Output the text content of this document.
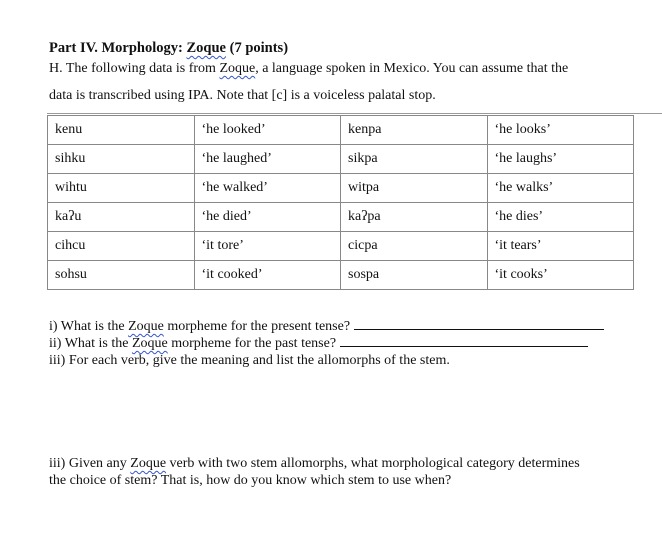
Part IV. Morphology: Zoque (7 points)
H. The following data is from Zoque, a language spoken in Mexico. You can assume that the
data is transcribed using IPA. Note that [c] is a voiceless palatal stop.
kenu	‘he looked’	kenpa	‘he looks’
sihku	‘he laughed’	sikpa	‘he laughs’
wihtu	‘he walked’	witpa	‘he walks’
kaʔu	‘he died’	kaʔpa	‘he dies’
cihcu	‘it tore’	cicpa	‘it tears’
sohsu	‘it cooked’	sospa	‘it cooks’
i) What is the Zoque morpheme for the present tense?
ii) What is the Zoque morpheme for the past tense?
iii) For each verb, give the meaning and list the allomorphs of the stem.
iii) Given any Zoque verb with two stem allomorphs, what morphological category determines
the choice of stem? That is, how do you know which stem to use when?
